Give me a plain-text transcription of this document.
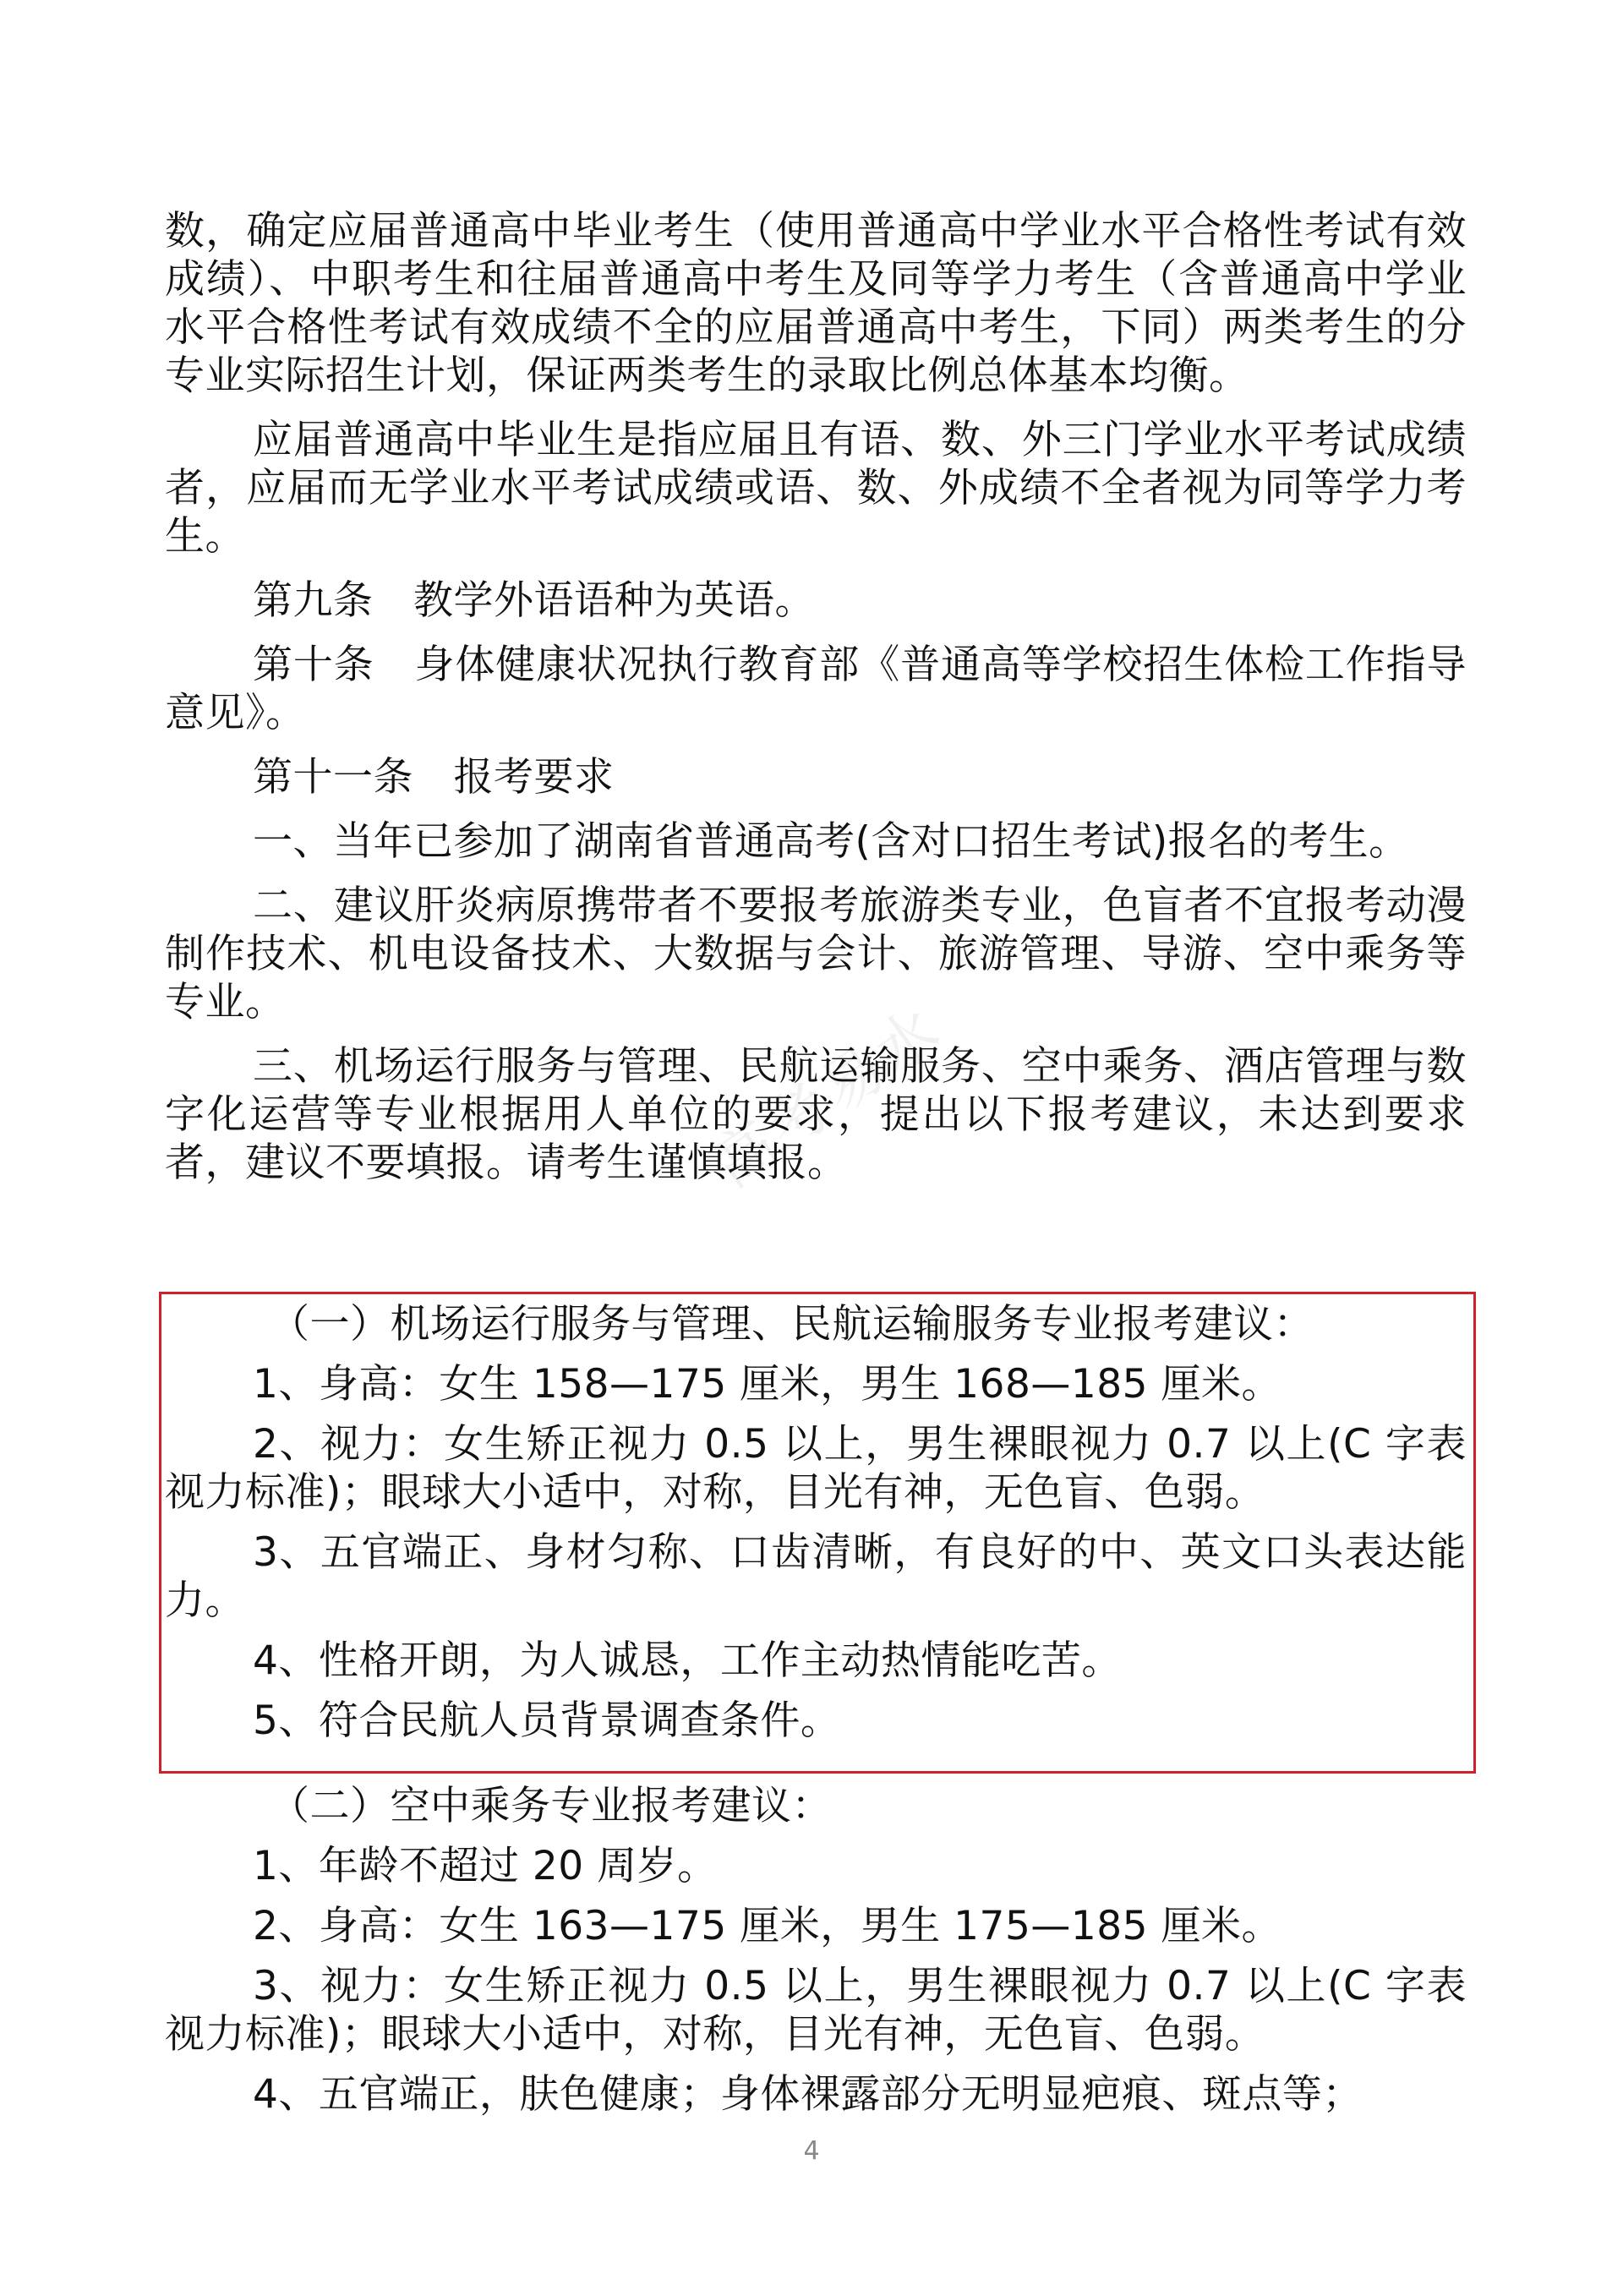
高考易水

数，确定应届普通高中毕业考生（使用普通高中学业水平合格性考试有效成绩）、中职考生和往届普通高中考生及同等学力考生（含普通高中学业水平合格性考试有效成绩不全的应届普通高中考生，下同）两类考生的分专业实际招生计划，保证两类考生的录取比例总体基本均衡。

应届普通高中毕业生是指应届且有语、数、外三门学业水平考试成绩者，应届而无学业水平考试成绩或语、数、外成绩不全者视为同等学力考生。

第九条　教学外语语种为英语。

第十条　身体健康状况执行教育部《普通高等学校招生体检工作指导意见》。

第十一条　报考要求

一、当年已参加了湖南省普通高考(含对口招生考试)报名的考生。

二、建议肝炎病原携带者不要报考旅游类专业，色盲者不宜报考动漫制作技术、机电设备技术、大数据与会计、旅游管理、导游、空中乘务等专业。

三、机场运行服务与管理、民航运输服务、空中乘务、酒店管理与数字化运营等专业根据用人单位的要求，提出以下报考建议，未达到要求者，建议不要填报。请考生谨慎填报。

（一）机场运行服务与管理、民航运输服务专业报考建议：

1、身高：女生 158—175 厘米，男生 168—185 厘米。

2、视力：女生矫正视力 0.5 以上，男生裸眼视力 0.7 以上(C 字表视力标准)；眼球大小适中，对称，目光有神，无色盲、色弱。

3、五官端正、身材匀称、口齿清晰，有良好的中、英文口头表达能力。

4、性格开朗，为人诚恳，工作主动热情能吃苦。

5、符合民航人员背景调查条件。

（二）空中乘务专业报考建议：

1、年龄不超过 20 周岁。

2、身高：女生 163—175 厘米，男生 175—185 厘米。

3、视力：女生矫正视力 0.5 以上，男生裸眼视力 0.7 以上(C 字表视力标准)；眼球大小适中，对称，目光有神，无色盲、色弱。

4、五官端正，肤色健康；身体裸露部分无明显疤痕、斑点等；

4
